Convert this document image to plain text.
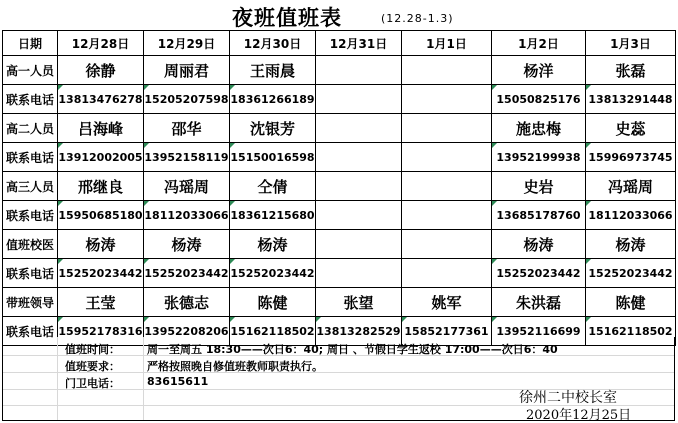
夜班值班表	(12.28-1.3)
日期	12月28日	12月29日	12月30日	12月31日	1月1日	1月2日	1月3日
高一人员	徐静	周丽君	王雨晨			杨洋	张磊
联系电话	13813476278	15205207598	18361266189			15050825176	13813291448
高二人员	吕海峰	邵华	沈银芳			施忠梅	史蕊
联系电话	13912002005	13952158119	15150016598			13952199938	15996973745
高三人员	邢继良	冯瑶周	仝倩			史岩	冯瑶周
联系电话	15950685180	18112033066	18361215680			13685178760	18112033066
值班校医	杨涛	杨涛	杨涛			杨涛	杨涛
联系电话	15252023442	15252023442	15252023442			15252023442	15252023442
带班领导	王莹	张德志	陈健	张望	姚军	朱洪磊	陈健
联系电话	15952178316	13952208206	15162118502	13813282529	15852177361	13952116699	15162118502
值班时间： 周一至周五 18:30——次日6：40; 周日 、节假日学生返校 17:00——次日6：40
值班要求： 严格按照晚自修值班教师职责执行。
门卫电话： 83615611
徐州二中校长室
2020年12月25日
